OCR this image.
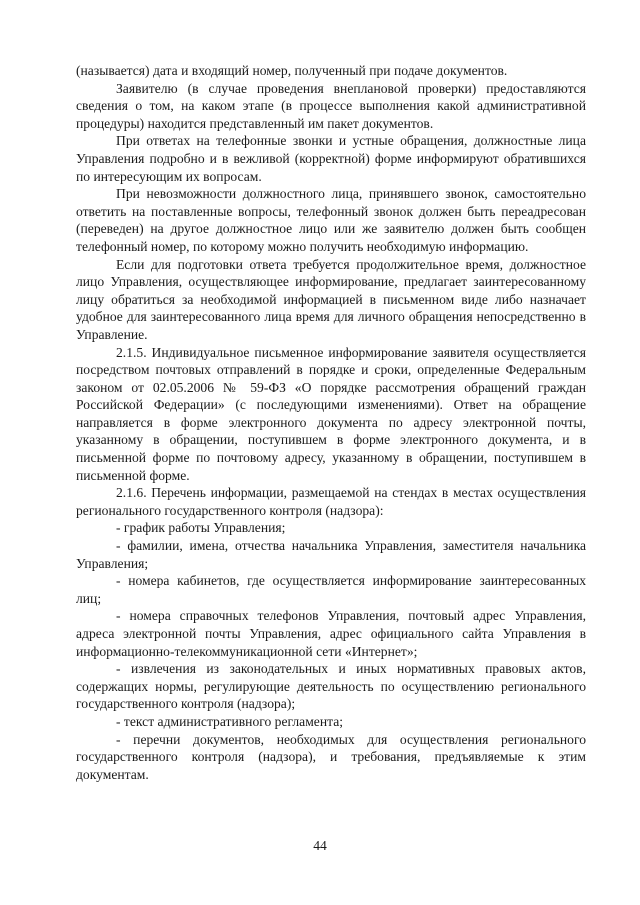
(называется) дата и входящий номер, полученный при подаче документов.

Заявителю (в случае проведения внеплановой проверки) предоставляются сведения о том, на каком этапе (в процессе выполнения какой административной процедуры) находится представленный им пакет документов.

При ответах на телефонные звонки и устные обращения, должностные лица Управления подробно и в вежливой (корректной) форме информируют обратившихся по интересующим их вопросам.

При невозможности должностного лица, принявшего звонок, самостоятельно ответить на поставленные вопросы, телефонный звонок должен быть переадресован (переведен) на другое должностное лицо или же заявителю должен быть сообщен телефонный номер, по которому можно получить необходимую информацию.

Если для подготовки ответа требуется продолжительное время, должностное лицо Управления, осуществляющее информирование, предлагает заинтересованному лицу обратиться за необходимой информацией в письменном виде либо назначает удобное для заинтересованного лица время для личного обращения непосредственно в Управление.

2.1.5. Индивидуальное письменное информирование заявителя осуществляется посредством почтовых отправлений в порядке и сроки, определенные Федеральным законом от 02.05.2006 № 59-ФЗ «О порядке рассмотрения обращений граждан Российской Федерации» (с последующими изменениями). Ответ на обращение направляется в форме электронного документа по адресу электронной почты, указанному в обращении, поступившем в форме электронного документа, и в письменной форме по почтовому адресу, указанному в обращении, поступившем в письменной форме.

2.1.6. Перечень информации, размещаемой на стендах в местах осуществления регионального государственного контроля (надзора):

- график работы Управления;

- фамилии, имена, отчества начальника Управления, заместителя начальника Управления;

- номера кабинетов, где осуществляется информирование заинтересованных лиц;

- номера справочных телефонов Управления, почтовый адрес Управления, адреса электронной почты Управления, адрес официального сайта Управления в информационно-телекоммуникационной сети «Интернет»;

- извлечения из законодательных и иных нормативных правовых актов, содержащих нормы, регулирующие деятельность по осуществлению регионального государственного контроля (надзора);

- текст административного регламента;

- перечни документов, необходимых для осуществления регионального государственного контроля (надзора), и требования, предъявляемые к этим документам.

44
